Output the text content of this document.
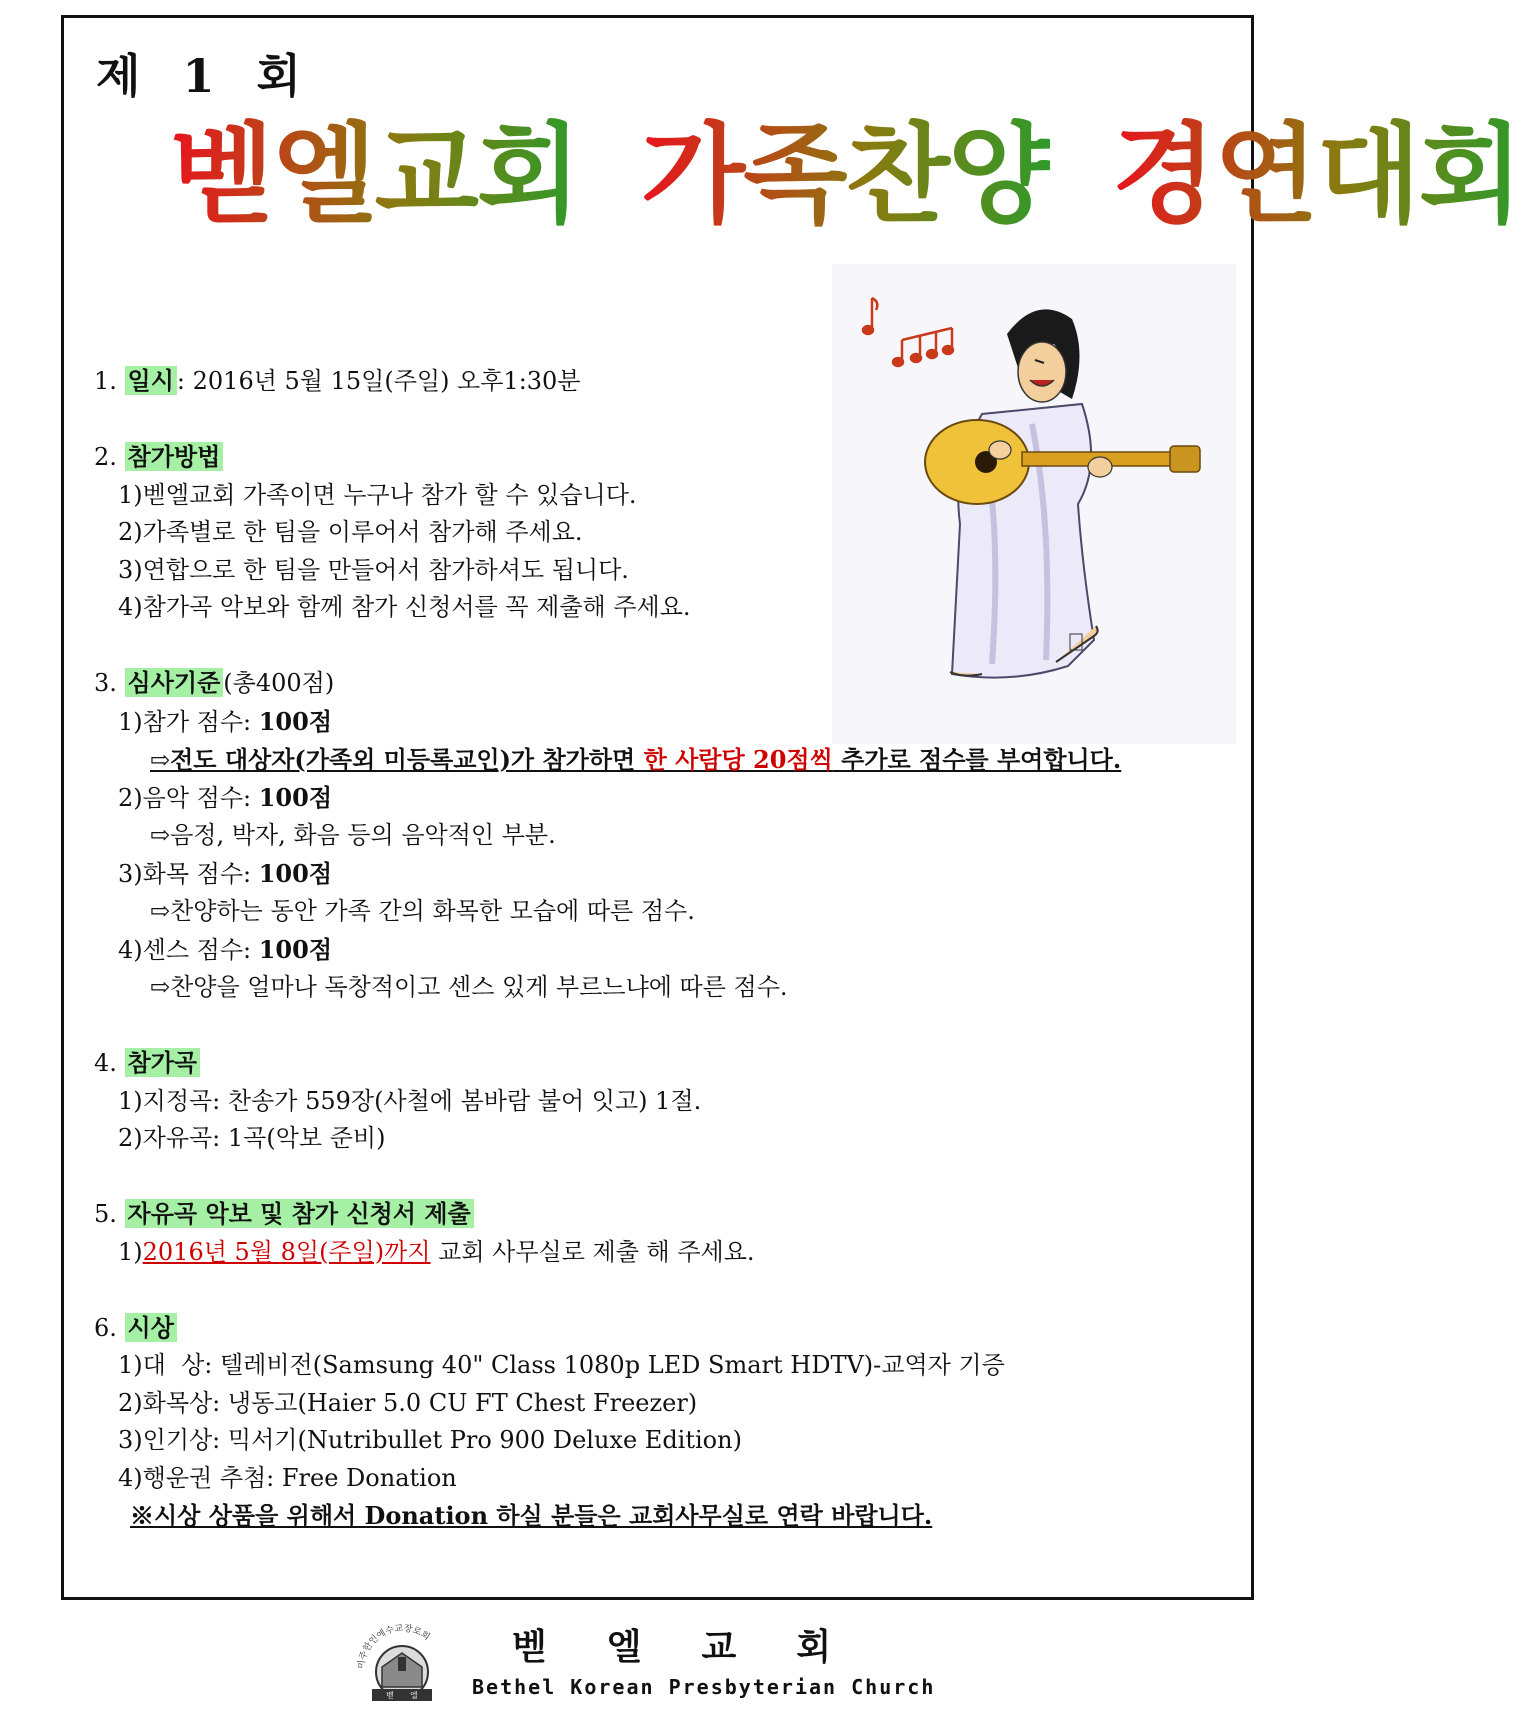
제 1 회
벧엘교회 가족찬양 경연대회
1. 일시 : 2016년 5월 15일(주일) 오후1:30분
2. 참가방법
1)벧엘교회 가족이면 누구나 참가 할 수 있습니다.
2)가족별로 한 팀을 이루어서 참가해 주세요.
3)연합으로 한 팀을 만들어서 참가하셔도 됩니다.
4)참가곡 악보와 함께 참가 신청서를 꼭 제출해 주세요.
3. 심사기준 (총400점)
1)참가 점수: 100점
⇨전도 대상자(가족외 미등록교인)가 참가하면 한 사람당 20점씩 추가로 점수를 부여합니다.
2)음악 점수: 100점
⇨음정, 박자, 화음 등의 음악적인 부분.
3)화목 점수: 100점
⇨찬양하는 동안 가족 간의 화목한 모습에 따른 점수.
4)센스 점수: 100점
⇨찬양을 얼마나 독창적이고 센스 있게 부르느냐에 따른 점수.
4. 참가곡
1)지정곡: 찬송가 559장(사철에 봄바람 불어 잇고) 1절.
2)자유곡: 1곡(악보 준비)
5. 자유곡 악보 및 참가 신청서 제출
1)2016년 5월 8일(주일)까지 교회 사무실로 제출 해 주세요.
6. 시상
1)대  상: 텔레비전(Samsung 40" Class 1080p LED Smart HDTV)-교역자 기증
2)화목상: 냉동고(Haier 5.0 CU FT Chest Freezer)
3)인기상: 믹서기(Nutribullet Pro 900 Deluxe Edition)
4)행운권 추첨: Free Donation
※시상 상품을 위해서 Donation 하실 분들은 교회사무실로 연락 바랍니다.
미주한인예수교장로회
벧 엘
벧엘교회
Bethel Korean Presbyterian Church
